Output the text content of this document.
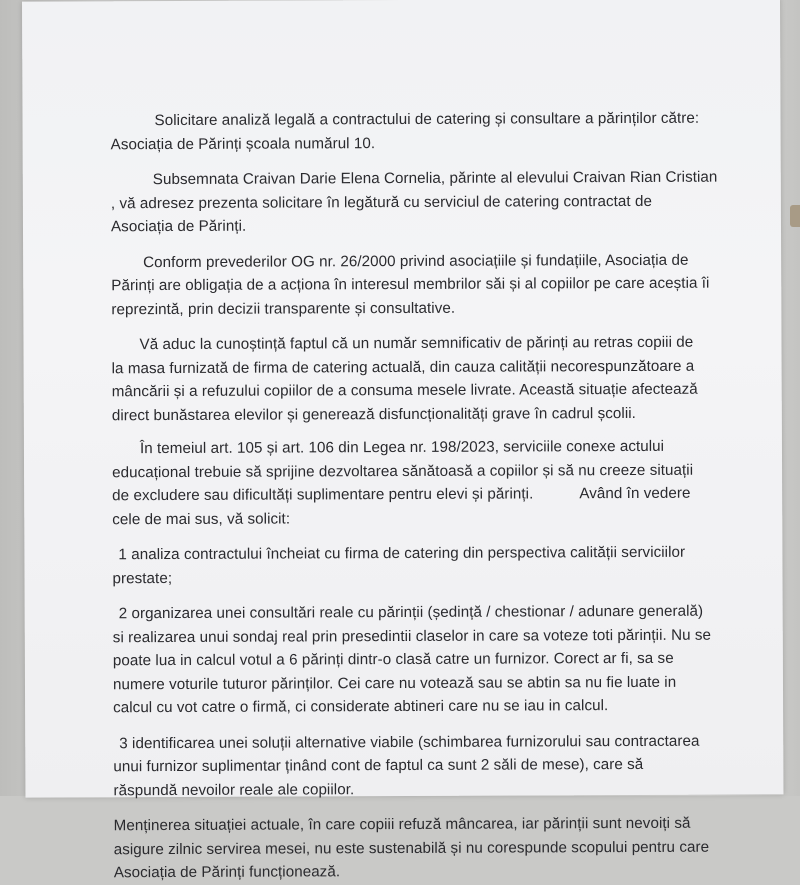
Solicitare analiză legală a contractului de catering și consultare a părinților către:

Asociația de Părinți școala numărul 10.

Subsemnata Craivan Darie Elena Cornelia, părinte al elevului Craivan Rian Cristian

, vă adresez prezenta solicitare în legătură cu serviciul de catering contractat de

Asociația de Părinți.

Conform prevederilor OG nr. 26/2000 privind asociațiile și fundațiile, Asociația de

Părinți are obligația de a acționa în interesul membrilor săi și al copiilor pe care aceștia îi

reprezintă, prin decizii transparente și consultative.

Vă aduc la cunoștință faptul că un număr semnificativ de părinți au retras copiii de

la masa furnizată de firma de catering actuală, din cauza calității necorespunzătoare a

mâncării și a refuzului copiilor de a consuma mesele livrate. Această situație afectează

direct bunăstarea elevilor și generează disfuncționalități grave în cadrul școlii.

În temeiul art. 105 și art. 106 din Legea nr. 198/2023, serviciile conexe actului

educațional trebuie să sprijine dezvoltarea sănătoasă a copiilor și să nu creeze situații

de excludere sau dificultăți suplimentare pentru elevi și părinți.	Având în vedere

cele de mai sus, vă solicit:

1 analiza contractului încheiat cu firma de catering din perspectiva calității serviciilor

prestate;

2 organizarea unei consultări reale cu părinții (ședință / chestionar / adunare generală)

si realizarea unui sondaj real prin presedintii claselor in care sa voteze toti părinții. Nu se

poate lua in calcul votul a 6 părinți dintr-o clasă catre un furnizor. Corect ar fi, sa se

numere voturile tuturor părinților. Cei care nu votează sau se abtin sa nu fie luate in

calcul cu vot catre o firmă, ci considerate abtineri care nu se iau in calcul.

3 identificarea unei soluții alternative viabile (schimbarea furnizorului sau contractarea

unui furnizor suplimentar ținând cont de faptul ca sunt 2 săli de mese), care să

răspundă nevoilor reale ale copiilor.

Menținerea situației actuale, în care copiii refuză mâncarea, iar părinții sunt nevoiți să

asigure zilnic servirea mesei, nu este sustenabilă și nu corespunde scopului pentru care

Asociația de Părinți funcționează.
